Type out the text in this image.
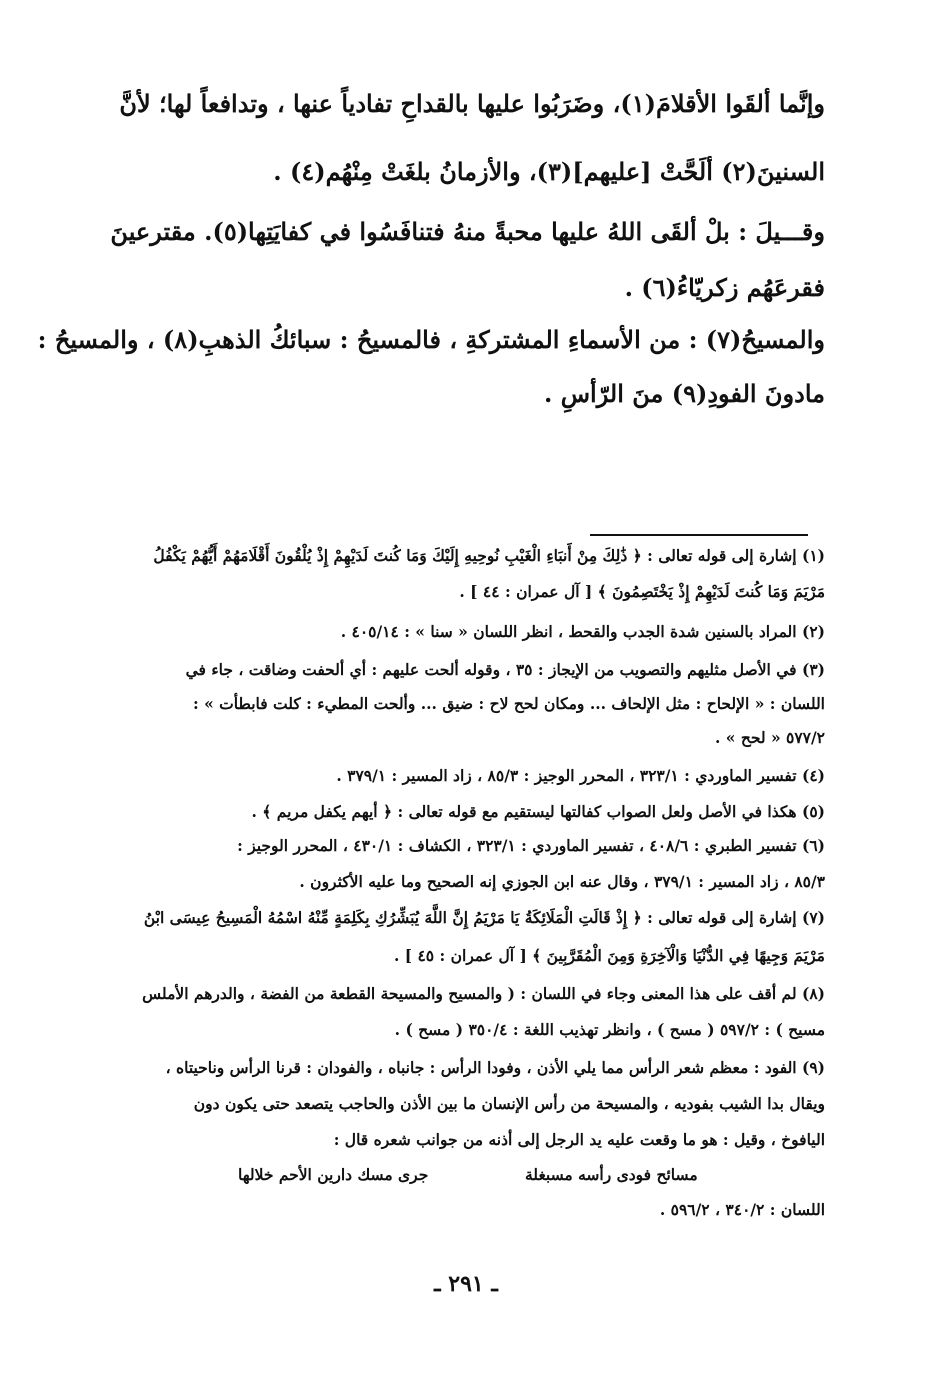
وإنَّما ألقَوا الأقلامَ(١)، وضَرَبُوا عليها بالقداحِ تفادياً عنها ، وتدافعاً لها؛ لأنَّ
السنينَ(٢) ألَحَّتْ [عليهم](٣)، والأزمانُ بلغَتْ مِنْهُم(٤) .
وقـــيلَ : بلْ ألقَى اللهُ عليها محبةً منهُ فتنافَسُوا في كفايَتِها(٥). مقترعينَ
فقرعَهُم زكريّاءُ(٦) .
والمسيحُ(٧) : من الأسماءِ المشتركةِ ، فالمسيحُ : سبائكُ الذهبِ(٨) ، والمسيحُ :
مادونَ الفودِ(٩) منَ الرّأسِ .
(١) إشارة إلى قوله تعالى : ﴿ ذَٰلِكَ مِنْ أَنبَاءِ الْغَيْبِ نُوحِيهِ إِلَيْكَ وَمَا كُنتَ لَدَيْهِمْ إِذْ يُلْقُونَ أَقْلَامَهُمْ أَيُّهُمْ يَكْفُلُ
مَرْيَمَ وَمَا كُنتَ لَدَيْهِمْ إِذْ يَخْتَصِمُونَ ﴾ [ آل عمران : ٤٤ ] .
(٢) المراد بالسنين شدة الجدب والقحط ، انظر اللسان « سنا » : ٤٠٥/١٤ .
(٣) في الأصل مثليهم والتصويب من الإيجاز : ٣٥ ، وقوله ألحت عليهم : أي ألحفت وضاقت ، جاء في
اللسان : « الإلحاح : مثل الإلحاف ... ومكان لحح لاح : ضيق ... وألحت المطيء : كلت فابطأت » :
٥٧٧/٢ « لحح » .
(٤) تفسير الماوردي : ٣٢٣/١ ، المحرر الوجيز : ٨٥/٣ ، زاد المسير : ٣٧٩/١ .
(٥) هكذا في الأصل ولعل الصواب كفالتها ليستقيم مع قوله تعالى : ﴿ أيهم يكفل مريم ﴾ .
(٦) تفسير الطبري : ٤٠٨/٦ ، تفسير الماوردي : ٣٢٣/١ ، الكشاف : ٤٣٠/١ ، المحرر الوجيز :
٨٥/٣ ، زاد المسير : ٣٧٩/١ ، وقال عنه ابن الجوزي إنه الصحيح وما عليه الأكثرون .
(٧) إشارة إلى قوله تعالى : ﴿ إِذْ قَالَتِ الْمَلَائِكَةُ يَا مَرْيَمُ إِنَّ اللَّهَ يُبَشِّرُكِ بِكَلِمَةٍ مِّنْهُ اسْمُهُ الْمَسِيحُ عِيسَى ابْنُ
مَرْيَمَ وَجِيهًا فِي الدُّنْيَا وَالْآخِرَةِ وَمِنَ الْمُقَرَّبِينَ ﴾ [ آل عمران : ٤٥ ] .
(٨) لم أقف على هذا المعنى وجاء في اللسان : ( والمسيح والمسيحة القطعة من الفضة ، والدرهم الأملس
مسيح ) : ٥٩٧/٢ ( مسح ) ، وانظر تهذيب اللغة : ٣٥٠/٤ ( مسح ) .
(٩) الفود : معظم شعر الرأس مما يلي الأذن ، وفودا الرأس : جانباه ، والفودان : قرنا الرأس وناحيتاه ،
ويقال بدا الشيب بفوديه ، والمسيحة من رأس الإنسان ما بين الأذن والحاجب يتصعد حتى يكون دون
اليافوخ ، وقيل : هو ما وقعت عليه يد الرجل إلى أذنه من جوانب شعره قال :
اللسان : ٣٤٠/٢ ، ٥٩٦/٢ .
مسائح فودى رأسه مسبغلة
جرى مسك دارين الأحم خلالها
ـ ٢٩١ ـ
